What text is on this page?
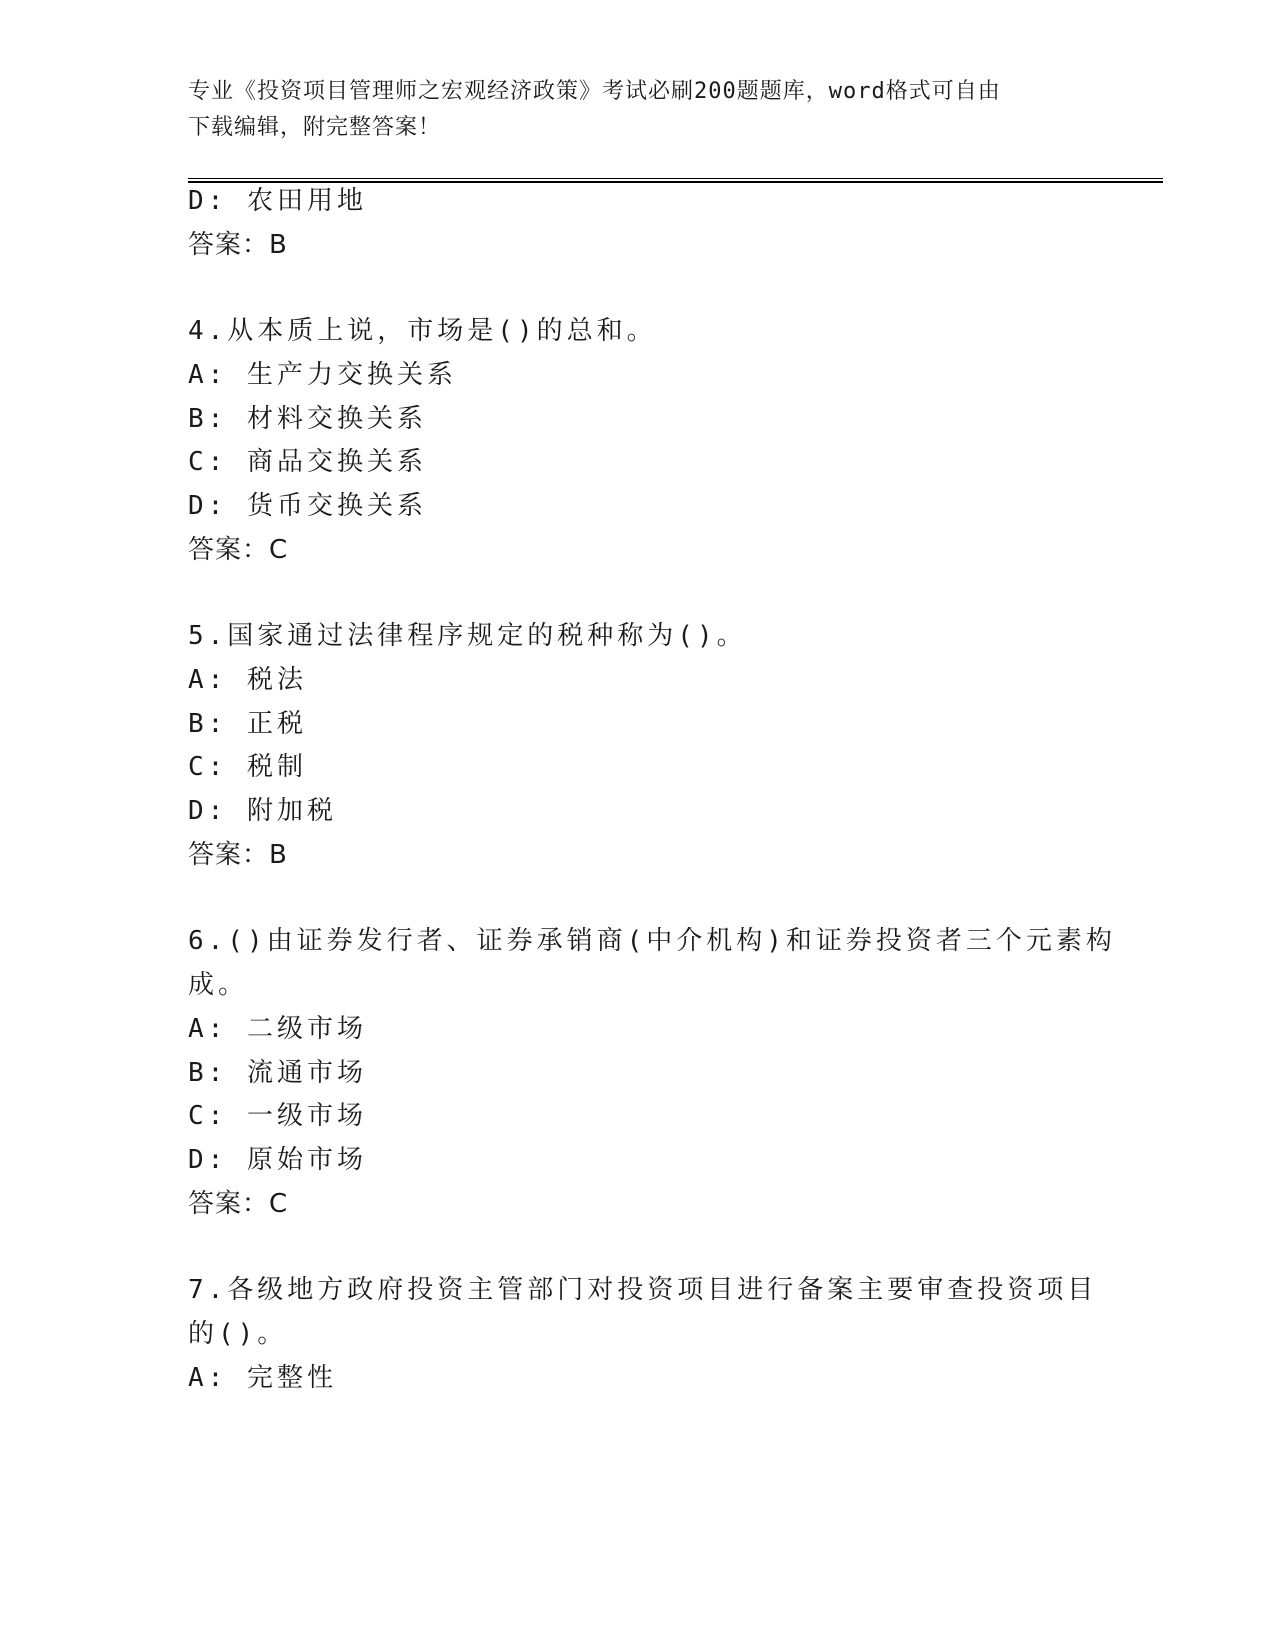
专业《投资项目管理师之宏观经济政策》考试必刷200题题库，word格式可自由
下载编辑，附完整答案！
D: 农田用地
答案：B
4.从本质上说，市场是()的总和。
A: 生产力交换关系
B: 材料交换关系
C: 商品交换关系
D: 货币交换关系
答案：C
5.国家通过法律程序规定的税种称为()。
A: 税法
B: 正税
C: 税制
D: 附加税
答案：B
6.()由证券发行者、证券承销商(中介机构)和证券投资者三个元素构
成。
A: 二级市场
B: 流通市场
C: 一级市场
D: 原始市场
答案：C
7.各级地方政府投资主管部门对投资项目进行备案主要审查投资项目
的()。
A: 完整性
